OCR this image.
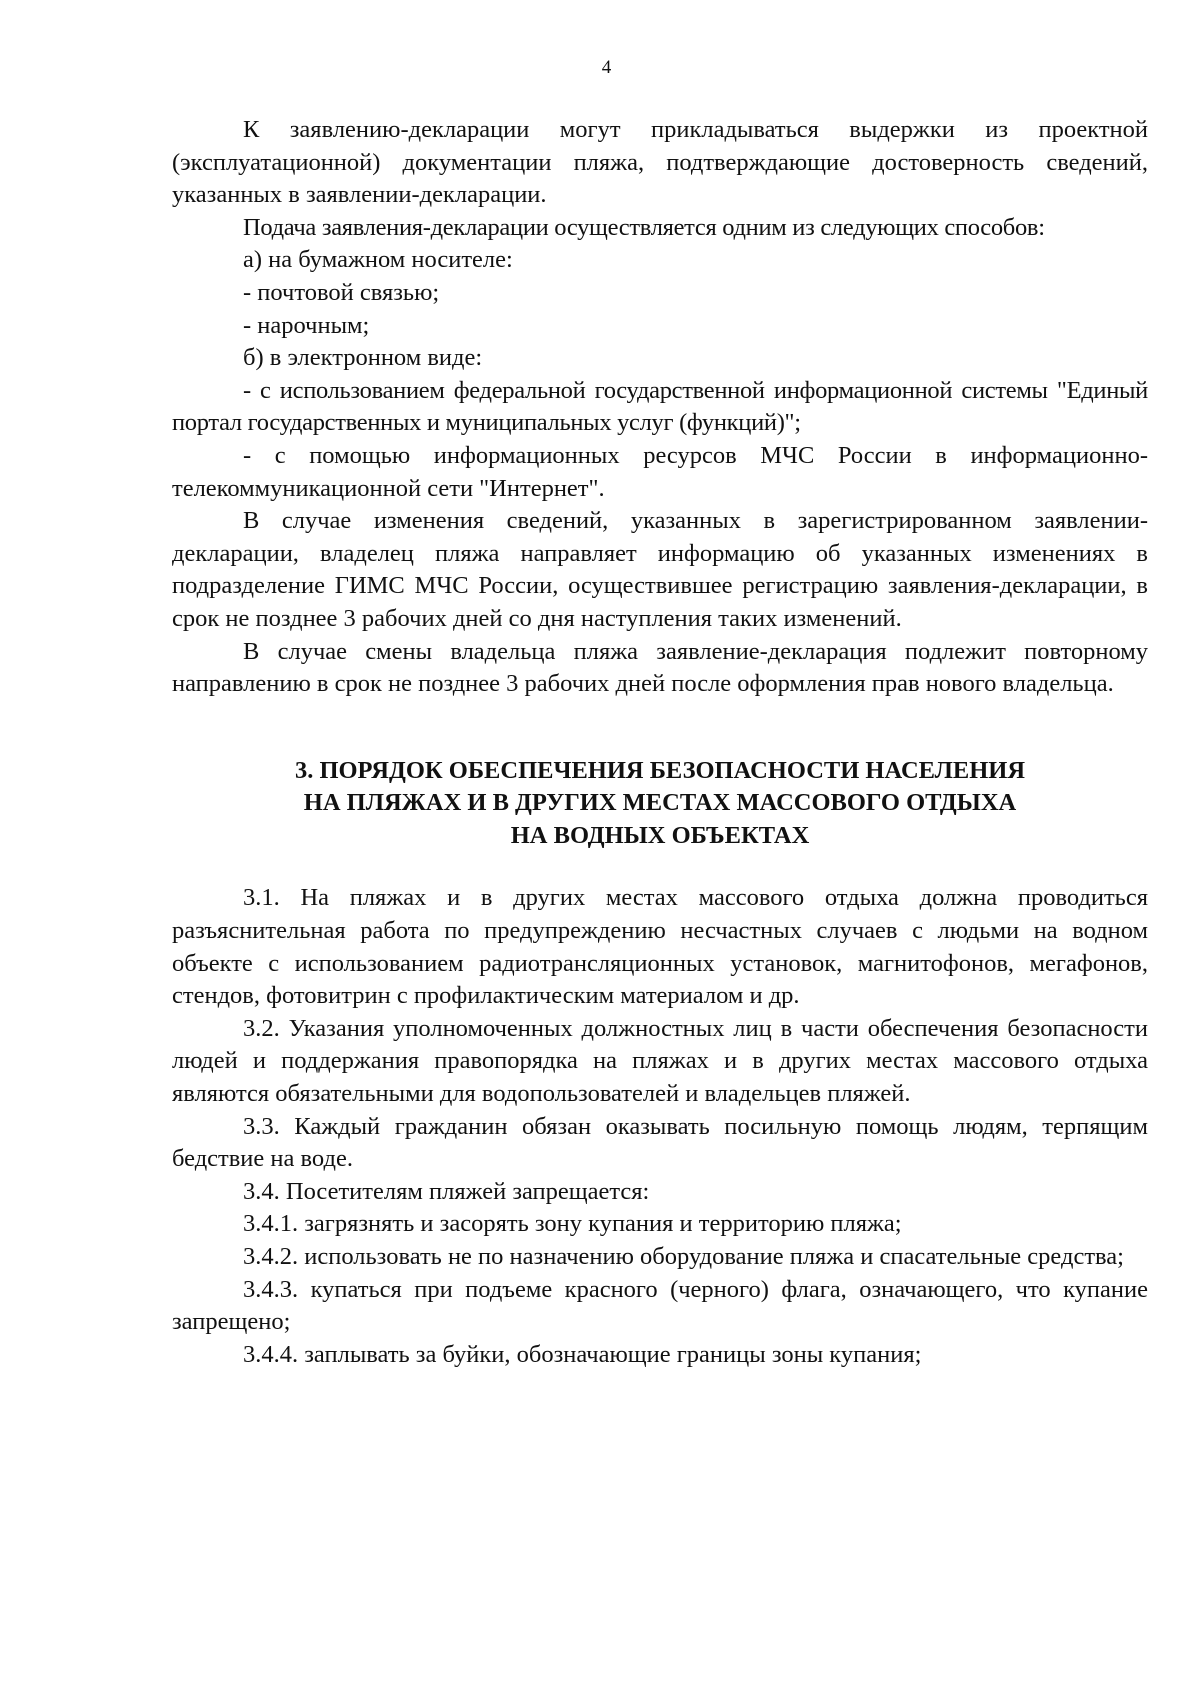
4

К заявлению-декларации могут прикладываться выдержки из проектной (эксплуатационной) документации пляжа, подтверждающие достоверность сведений, указанных в заявлении-декларации.

Подача заявления-декларации осуществляется одним из следующих способов:

а) на бумажном носителе:

- почтовой связью;

- нарочным;

б) в электронном виде:

- с использованием федеральной государственной информационной системы "Единый портал государственных и муниципальных услуг (функций)";

- с помощью информационных ресурсов МЧС России в информационно-телекоммуникационной сети "Интернет".

В случае изменения сведений, указанных в зарегистрированном заявлении-декларации, владелец пляжа направляет информацию об указанных изменениях в подразделение ГИМС МЧС России, осуществившее регистрацию заявления-декларации, в срок не позднее 3 рабочих дней со дня наступления таких изменений.

В случае смены владельца пляжа заявление-декларация подлежит повторному направлению в срок не позднее 3 рабочих дней после оформления прав нового владельца.

3. ПОРЯДОК ОБЕСПЕЧЕНИЯ БЕЗОПАСНОСТИ НАСЕЛЕНИЯ
НА ПЛЯЖАХ И В ДРУГИХ МЕСТАХ МАССОВОГО ОТДЫХА
НА ВОДНЫХ ОБЪЕКТАХ

3.1. На пляжах и в других местах массового отдыха должна проводиться разъяснительная работа по предупреждению несчастных случаев с людьми на водном объекте с использованием радиотрансляционных установок, магнитофонов, мегафонов, стендов, фотовитрин с профилактическим материалом и др.

3.2. Указания уполномоченных должностных лиц в части обеспечения безопасности людей и поддержания правопорядка на пляжах и в других местах массового отдыха являются обязательными для водопользователей и владельцев пляжей.

3.3. Каждый гражданин обязан оказывать посильную помощь людям, терпящим бедствие на воде.

3.4. Посетителям пляжей запрещается:

3.4.1. загрязнять и засорять зону купания и территорию пляжа;

3.4.2. использовать не по назначению оборудование пляжа и спасательные средства;

3.4.3. купаться при подъеме красного (черного) флага, означающего, что купание запрещено;

3.4.4. заплывать за буйки, обозначающие границы зоны купания;
